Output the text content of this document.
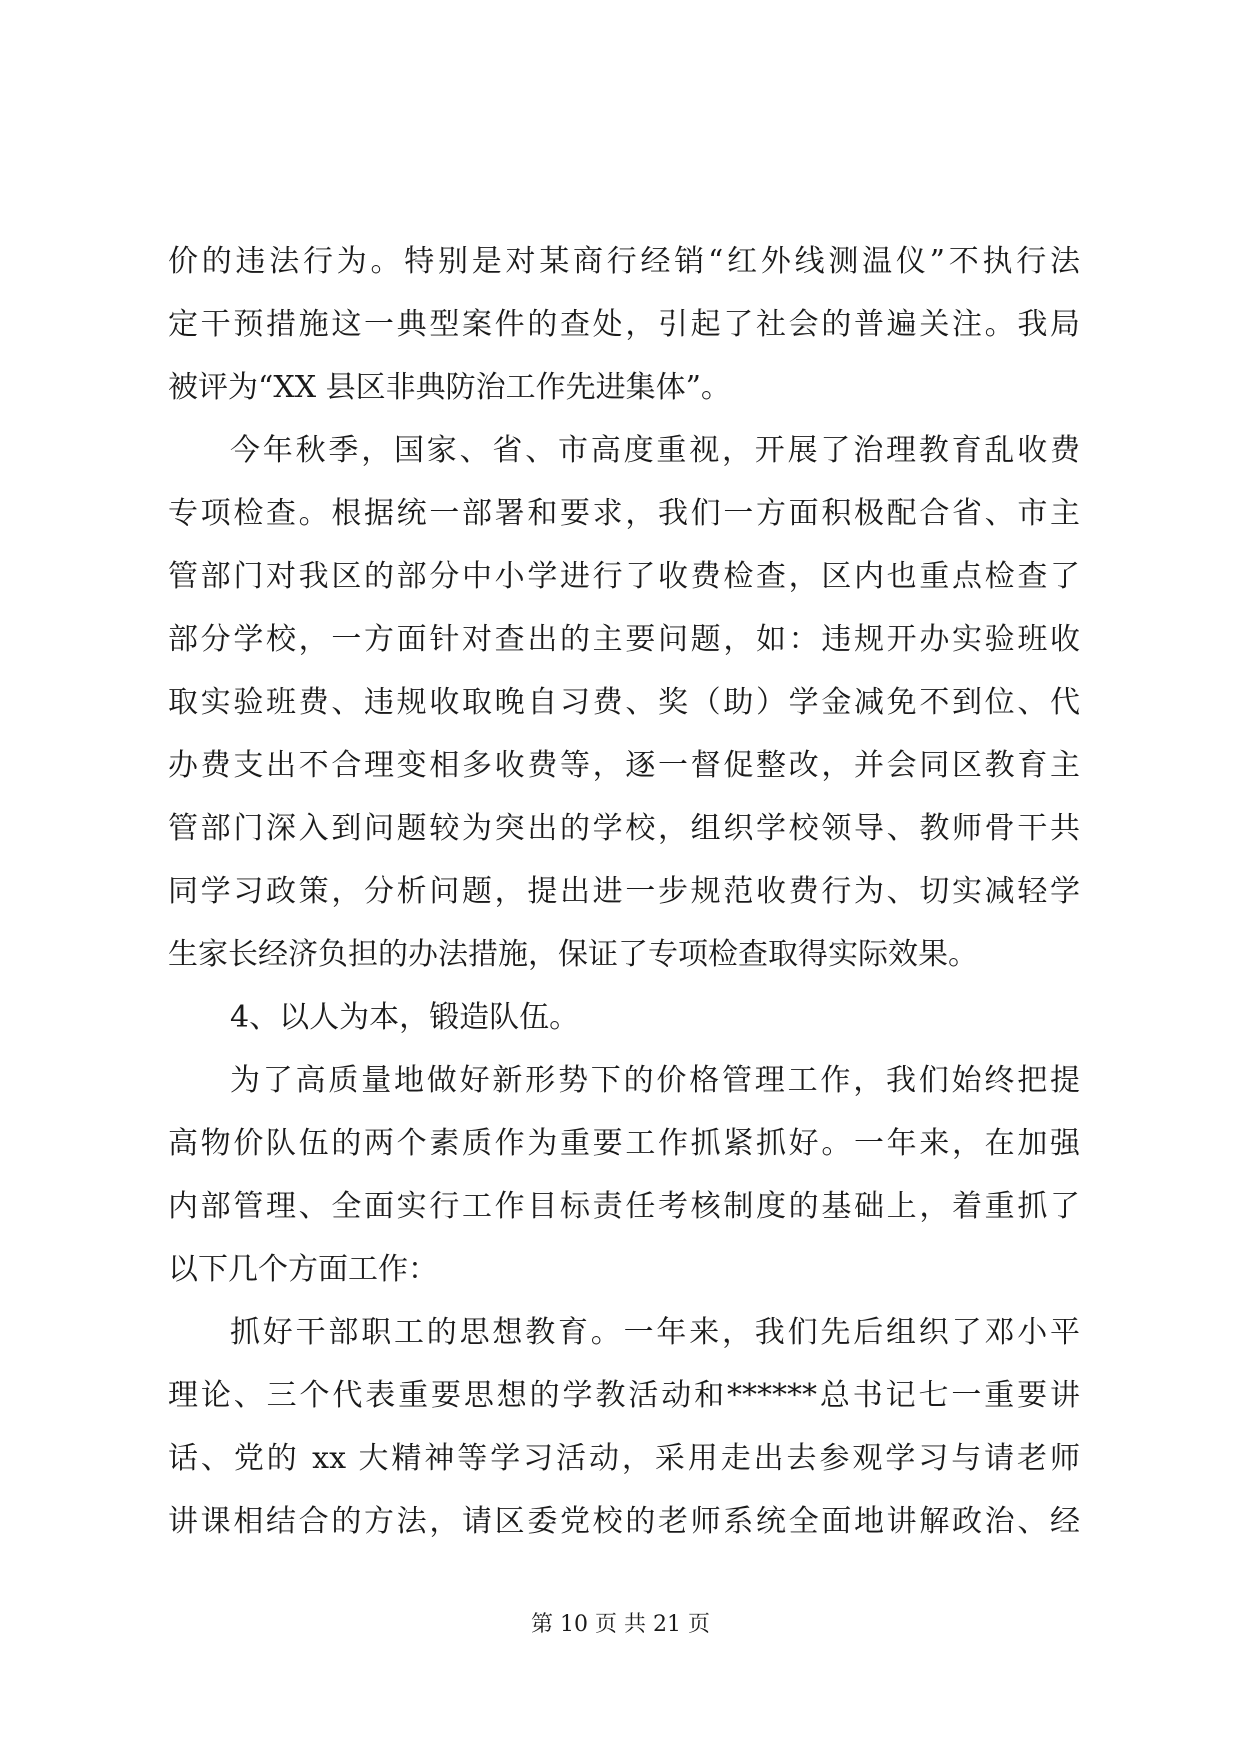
价的违法行为。特别是对某商行经销“红外线测温仪”不执行法
定干预措施这一典型案件的查处，引起了社会的普遍关注。我局
被评为“XX 县区非典防治工作先进集体”。
今年秋季，国家、省、市高度重视，开展了治理教育乱收费
专项检查。根据统一部署和要求，我们一方面积极配合省、市主
管部门对我区的部分中小学进行了收费检查，区内也重点检查了
部分学校，一方面针对查出的主要问题，如：违规开办实验班收
取实验班费、违规收取晚自习费、奖（助）学金减免不到位、代
办费支出不合理变相多收费等，逐一督促整改，并会同区教育主
管部门深入到问题较为突出的学校，组织学校领导、教师骨干共
同学习政策，分析问题，提出进一步规范收费行为、切实减轻学
生家长经济负担的办法措施，保证了专项检查取得实际效果。
4、以人为本，锻造队伍。
为了高质量地做好新形势下的价格管理工作，我们始终把提
高物价队伍的两个素质作为重要工作抓紧抓好。一年来，在加强
内部管理、全面实行工作目标责任考核制度的基础上，着重抓了
以下几个方面工作：
抓好干部职工的思想教育。一年来，我们先后组织了邓小平
理论、三个代表重要思想的学教活动和******总书记七一重要讲
话、党的 xx 大精神等学习活动，采用走出去参观学习与请老师
讲课相结合的方法，请区委党校的老师系统全面地讲解政治、经
第 10 页 共 21 页
